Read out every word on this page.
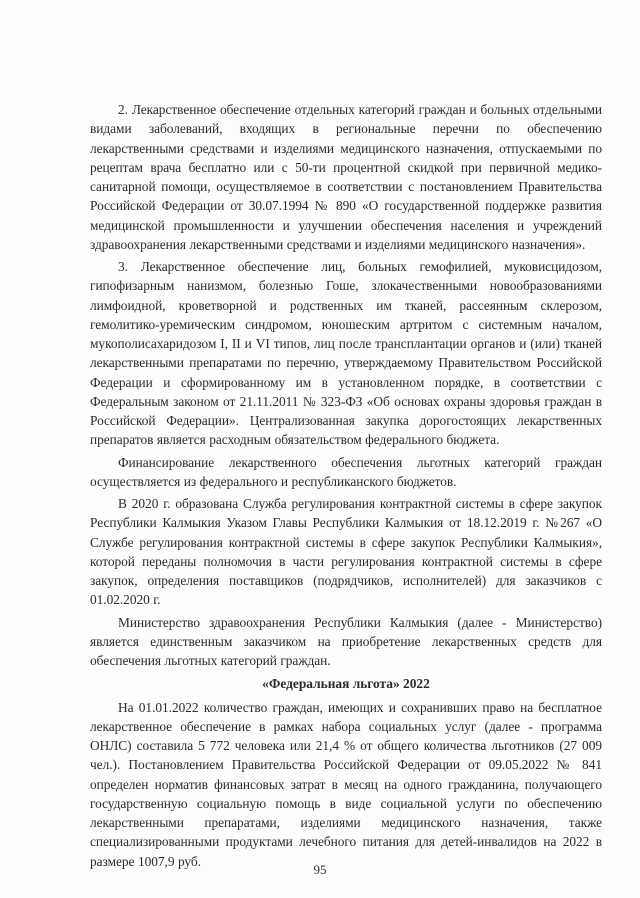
2. Лекарственное обеспечение отдельных категорий граждан и больных отдельными видами заболеваний, входящих в региональные перечни по обеспечению лекарственными средствами и изделиями медицинского назначения, отпускаемыми по рецептам врача бесплатно или с 50-ти процентной скидкой при первичной медико-санитарной помощи, осуществляемое в соответствии с постановлением Правительства Российской Федерации от 30.07.1994 № 890 «О государственной поддержке развития медицинской промышленности и улучшении обеспечения населения и учреждений здравоохранения лекарственными средствами и изделиями медицинского назначения».

3. Лекарственное обеспечение лиц, больных гемофилией, муковисцидозом, гипофизарным нанизмом, болезнью Гоше, злокачественными новообразованиями лимфоидной, кроветворной и родственных им тканей, рассеянным склерозом, гемолитико-уремическим синдромом, юношеским артритом с системным началом, мукополисахаридозом I, II и VI типов, лиц после трансплантации органов и (или) тканей лекарственными препаратами по перечню, утверждаемому Правительством Российской Федерации и сформированному им в установленном порядке, в соответствии с Федеральным законом от 21.11.2011 № 323-ФЗ «Об основах охраны здоровья граждан в Российской Федерации». Централизованная закупка дорогостоящих лекарственных препаратов является расходным обязательством федерального бюджета.

Финансирование лекарственного обеспечения льготных категорий граждан осуществляется из федерального и республиканского бюджетов.

В 2020 г. образована Служба регулирования контрактной системы в сфере закупок Республики Калмыкия Указом Главы Республики Калмыкия от 18.12.2019 г. №267 «О Службе регулирования контрактной системы в сфере закупок Республики Калмыкия», которой переданы полномочия в части регулирования контрактной системы в сфере закупок, определения поставщиков (подрядчиков, исполнителей) для заказчиков с 01.02.2020 г.

Министерство здравоохранения Республики Калмыкия (далее - Министерство) является единственным заказчиком на приобретение лекарственных средств для обеспечения льготных категорий граждан.

«Федеральная льгота» 2022

На 01.01.2022 количество граждан, имеющих и сохранивших право на бесплатное лекарственное обеспечение в рамках набора социальных услуг (далее - программа ОНЛС) составила 5 772 человека или 21,4 % от общего количества льготников (27 009 чел.). Постановлением Правительства Российской Федерации от 09.05.2022 № 841 определен норматив финансовых затрат в месяц на одного гражданина, получающего государственную социальную помощь в виде социальной услуги по обеспечению лекарственными препаратами, изделиями медицинского назначения, также специализированными продуктами лечебного питания для детей-инвалидов на 2022 в размере 1007,9 руб.

95
